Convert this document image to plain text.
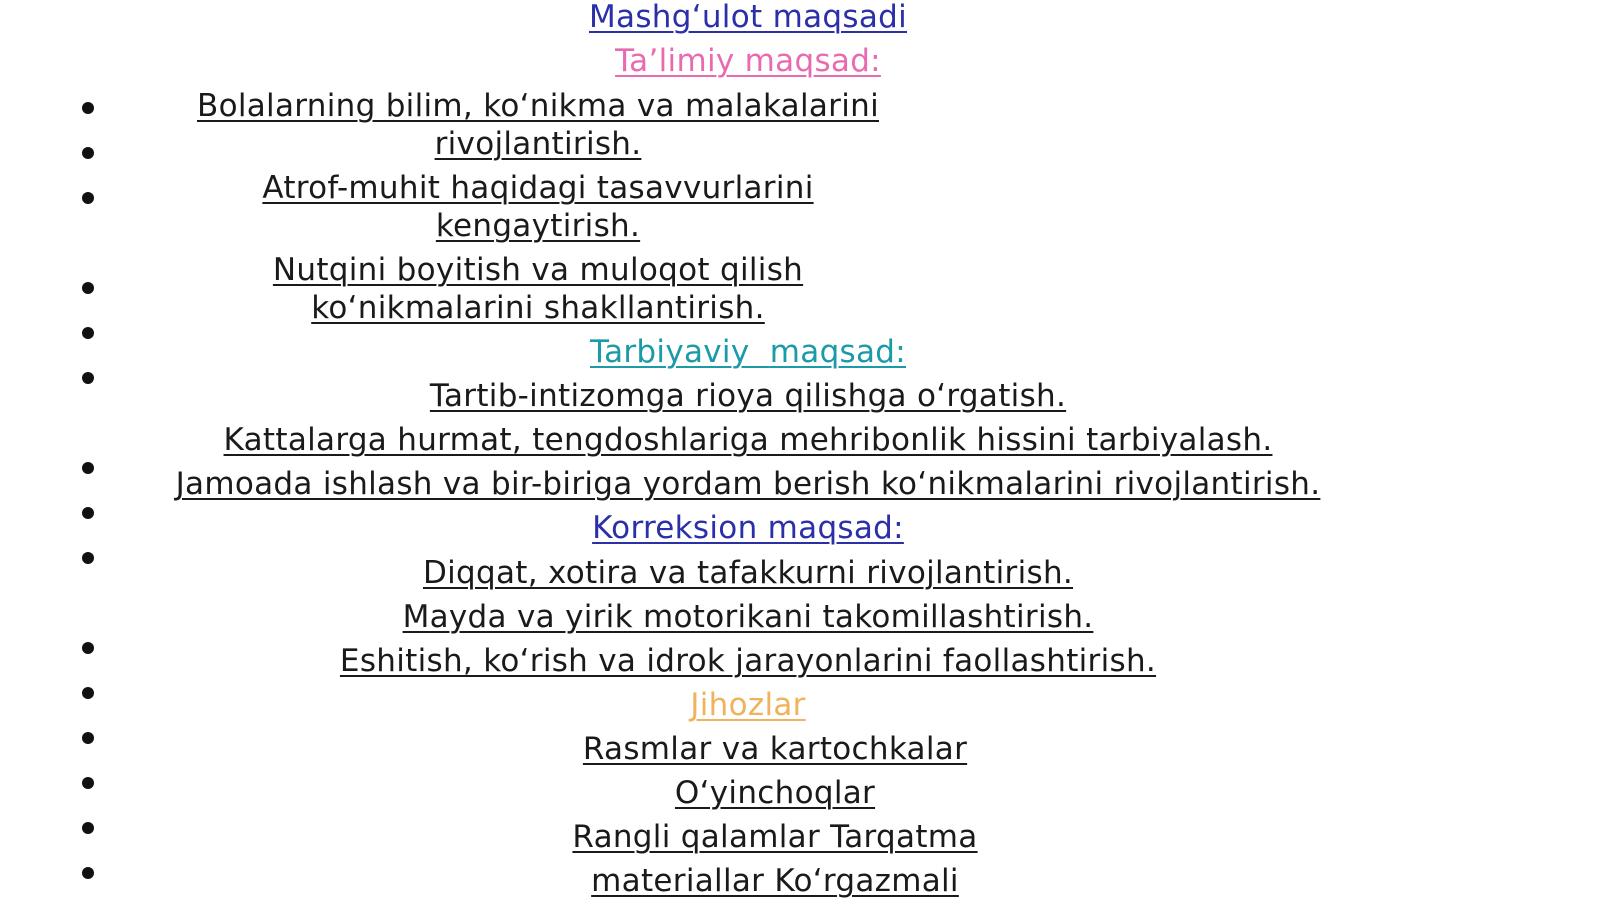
Mashg‘ulot maqsadi
Ta’limiy maqsad:
Bolalarning bilim, ko‘nikma va malakalarini
rivojlantirish.
Atrof-muhit haqidagi tasavvurlarini
kengaytirish.
Nutqini boyitish va muloqot qilish
ko‘nikmalarini shakllantirish.
Tarbiyaviy maqsad:
Tartib-intizomga rioya qilishga o‘rgatish.
Kattalarga hurmat, tengdoshlariga mehribonlik hissini tarbiyalash.
Jamoada ishlash va bir-biriga yordam berish ko‘nikmalarini rivojlantirish.
Korreksion maqsad:
Diqqat, xotira va tafakkurni rivojlantirish.
Mayda va yirik motorikani takomillashtirish.
Eshitish, ko‘rish va idrok jarayonlarini faollashtirish.
Jihozlar
Rasmlar va kartochkalar
O‘yinchoqlar
Rangli qalamlar Tarqatma
materiallar Ko‘rgazmali
